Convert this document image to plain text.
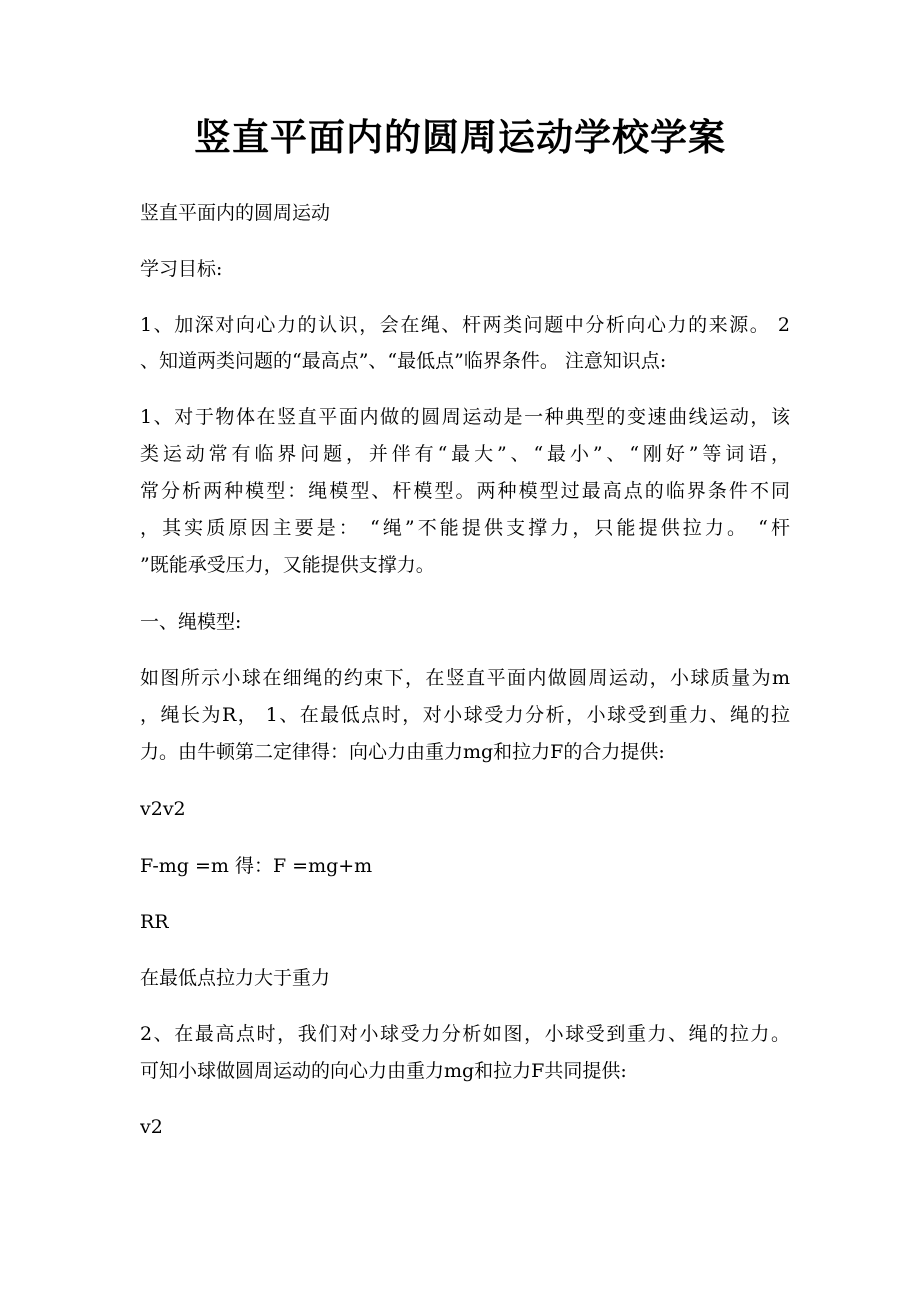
竖直平面内的圆周运动学校学案
竖直平面内的圆周运动
学习目标:
1、加深对向心力的认识，会在绳、杆两类问题中分析向心力的来源。 2
、知道两类问题的“最高点”、“最低点”临界条件。 注意知识点:
1、对于物体在竖直平面内做的圆周运动是一种典型的变速曲线运动，该
类运动常有临界问题，并伴有“最大”、“最小”、“刚好”等词语，
常分析两种模型：绳模型、杆模型。两种模型过最高点的临界条件不同
，其实质原因主要是： “绳”不能提供支撑力，只能提供拉力。 “杆
”既能承受压力，又能提供支撑力。
一、绳模型:
如图所示小球在细绳的约束下，在竖直平面内做圆周运动，小球质量为m
，绳长为R， 1、在最低点时，对小球受力分析，小球受到重力、绳的拉
力。由牛顿第二定律得：向心力由重力mg和拉力F的合力提供:
v2v2
F-mg =m 得：F =mg+m
RR
在最低点拉力大于重力
2、在最高点时，我们对小球受力分析如图，小球受到重力、绳的拉力。
可知小球做圆周运动的向心力由重力mg和拉力F共同提供:
v2
